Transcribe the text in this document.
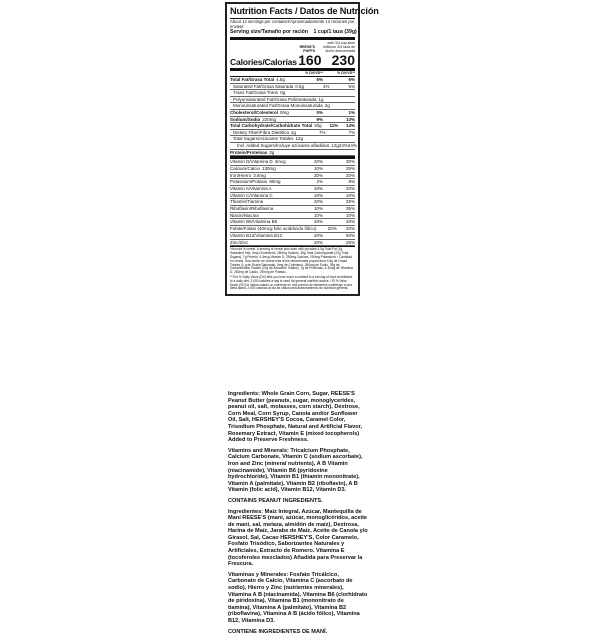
Nutrition Facts / Datos de Nutrición
About 12 servings per container/Aproximadamente 12 raciones por envase
Serving size/Tamaño por ración 1 cup/1 taza (39g)
REESE'S PUFFS
with 3/4 cup skim milk/con 3/4 taza de leche descremada
Calories/Calorías 160 230
% DV/VD**	% DV/VD**
Total Fat/Grasa Total 4.5g	5%	6%
Saturated Fat/Grasa Saturada 0.5g	4%	5%
Trans Fat/Grasa Trans 0g
Polyunsaturated Fat/Grasa Poliinsaturada 1g
Monounsaturated Fat/Grasa Monoinsaturada 2g
Cholesterol/Colesterol 0mg	0%	1%
Sodium/Sodio 220mg	9%	13%
Total Carbohydrate/Carbohidrato Total 30g	11%	14%
Dietary Fiber/Fibra Dietética 2g	7%	7%
Total Sugars/Azúcares Totales 12g
Incl. Added Sugars/Incluye azúcares añadidos 12g 24% 24%
Protein/Proteínas 3g
Vitamin D/Vitamina D 4mcg	20%	30%
Calcium/Calcio 130mg	10%	25%
Iron/Hierro 3.6mg	20%	20%
Potassium/Potasio 90mg	2%	8%
Vitamin A/Vitamina A	10%	20%
Vitamin C/Vitamina C	10%	10%
Thiamin/Tiamina	20%	25%
Riboflavin/Riboflavina	10%	35%
Niacin/Niacina	10%	10%
Vitamin B6/Vitamina B6	20%	20%
Folate/Folato (40mcg folic acid/ácido fólico)	20%	20%
Vitamin B12/Vitamina B12	20%	50%
Zinc/Zinc	20%	25%

*Amount in cereal. A serving of cereal plus skim milk provides 4.5g Total Fat (1g Saturated Fat), 5mg Cholesterol, 280mg Sodium, 39g Total Carbohydrate (22g Total Sugars), 7g Protein, 4.3mcg Vitamin D, 250mg Calcium, 290mg Potassium. / Cantidad en cereal. Una ración de cereal más leche descremada proporciona 4.5g de Grasa Totales (1 g de Grasa Saturada), 5mg de Colesterol, 280mg de Sodio, 39g de Carbohidratos Totales (22g de Azúcares Totales), 7g de Proteínas, 4.3mcg de Vitamina D, 250mg de Calcio, 290mg de Potasio.

**The % Daily Value (DV) tells you how much a nutrient in a serving of food contributes to a daily diet. 2,000 calories a day is used for general nutrition advice. / El % Valor Diario (VD) le indica cuánto un nutriente en una porción de alimentos contribuye a una dieta diaria. 2,000 calorías al día se utiliza para asesoramiento de nutrición general.

Ingredients: Whole Grain Corn, Sugar, REESE'S Peanut Butter (peanuts, sugar, monoglycerides, peanut oil, salt, molasses, corn starch), Dextrose, Corn Meal, Corn Syrup, Canola and/or Sunflower Oil, Salt, HERSHEY'S Cocoa, Caramel Color, Trisodium Phosphate, Natural and Artificial Flavor, Rosemary Extract, Vitamin E (mixed tocopherols) Added to Preserve Freshness.

Vitamins and Minerals: Tricalcium Phosphate, Calcium Carbonate, Vitamin C (sodium ascorbate), Iron and Zinc (mineral nutrients), A B Vitamin (niacinamide), Vitamin B6 (pyridoxine hydrochloride), Vitamin B1 (thiamin mononitrate), Vitamin A (palmitate), Vitamin B2 (riboflavin), A B Vitamin (folic acid), Vitamin B12, Vitamin D3.

CONTAINS PEANUT INGREDIENTS.

Ingredientes: Maíz Integral, Azúcar, Mantequilla de Maní REESE'S (maní, azúcar, monoglicéridos, aceite de maní, sal, melaza, almidón de maíz), Dextrosa, Harina de Maíz, Jarabe de Maíz, Aceite de Canola y/o Girasol, Sal, Cacao HERSHEY'S, Color Caramelo, Fosfato Trisódico, Saborizantes Naturales y Artificiales, Extracto de Romero. Vitamina E (tocoferoles mezclados) Añadida para Preservar la Frescura.

Vitaminas y Minerales: Fosfato Tricálcico, Carbonato de Calcio, Vitamina C (ascorbato de sodio), Hierro y Zinc (nutrientes minerales), Vitamina A B (niacinamida), Vitamina B6 (clorhidrato de piridoxina), Vitamina B1 (mononitrato de tiamina), Vitamina A (palmitato), Vitamina B2 (riboflavina), Vitamina A B (ácido fólico), Vitamina B12, Vitamina D3.

CONTIENE INGREDIENTES DE MANÍ.
